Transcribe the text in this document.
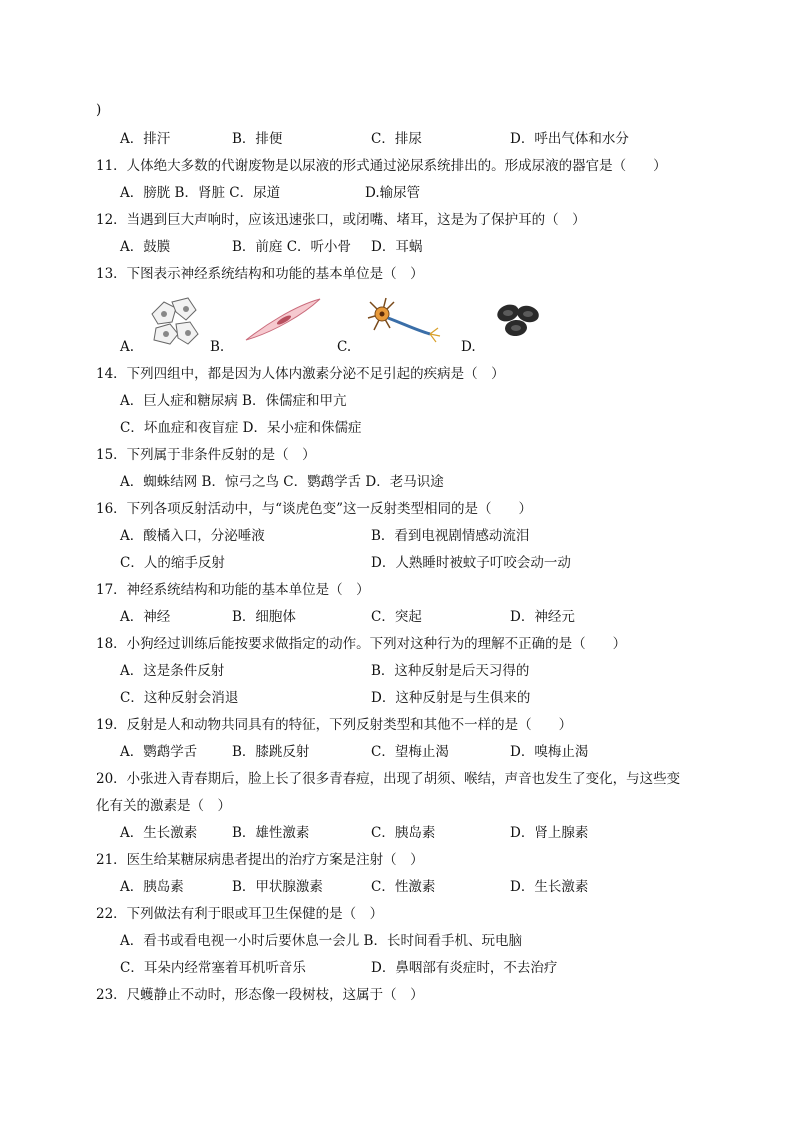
)
A．排汗	B．排便	C．排尿	D．呼出气体和水分
11．人体绝大多数的代谢废物是以尿液的形式通过泌尿系统排出的。形成尿液的器官是（　　）
A．膀胱 B．肾脏 C．尿道	D.输尿管
12．当遇到巨大声响时，应该迅速张口，或闭嘴、堵耳，这是为了保护耳的（　）
A．鼓膜	B．前庭 C．听小骨 D．耳蜗
13．下图表示神经系统结构和功能的基本单位是（　）
A.	B.	C.	D.
14．下列四组中，都是因为人体内激素分泌不足引起的疾病是（　）
A．巨人症和糖尿病 B．侏儒症和甲亢
C．坏血症和夜盲症 D．呆小症和侏儒症
15．下列属于非条件反射的是（　）
A．蜘蛛结网 B．惊弓之鸟 C．鹦鹉学舌 D．老马识途
16．下列各项反射活动中，与“谈虎色变”这一反射类型相同的是（　　）
A．酸橘入口，分泌唾液	B．看到电视剧情感动流泪
C．人的缩手反射	D．人熟睡时被蚊子叮咬会动一动
17．神经系统结构和功能的基本单位是（　）
A．神经	B．细胞体	C．突起	D．神经元
18．小狗经过训练后能按要求做指定的动作。下列对这种行为的理解不正确的是（　　）
A．这是条件反射	B．这种反射是后天习得的
C．这种反射会消退	D．这种反射是与生俱来的
19．反射是人和动物共同具有的特征，下列反射类型和其他不一样的是（　　）
A．鹦鹉学舌	B．膝跳反射	C．望梅止渴	D．嗅梅止渴
20．小张进入青春期后，脸上长了很多青春痘，出现了胡须、喉结，声音也发生了变化，与这些变
化有关的激素是（　）
A．生长激素	B．雄性激素	C．胰岛素	D．肾上腺素
21．医生给某糖尿病患者提出的治疗方案是注射（　）
A．胰岛素	B．甲状腺激素	C．性激素	D．生长激素
22．下列做法有利于眼或耳卫生保健的是（　）
A．看书或看电视一小时后要休息一会儿 B．长时间看手机、玩电脑
C．耳朵内经常塞着耳机听音乐	D．鼻咽部有炎症时，不去治疗
23．尺蠖静止不动时，形态像一段树枝，这属于（　）
